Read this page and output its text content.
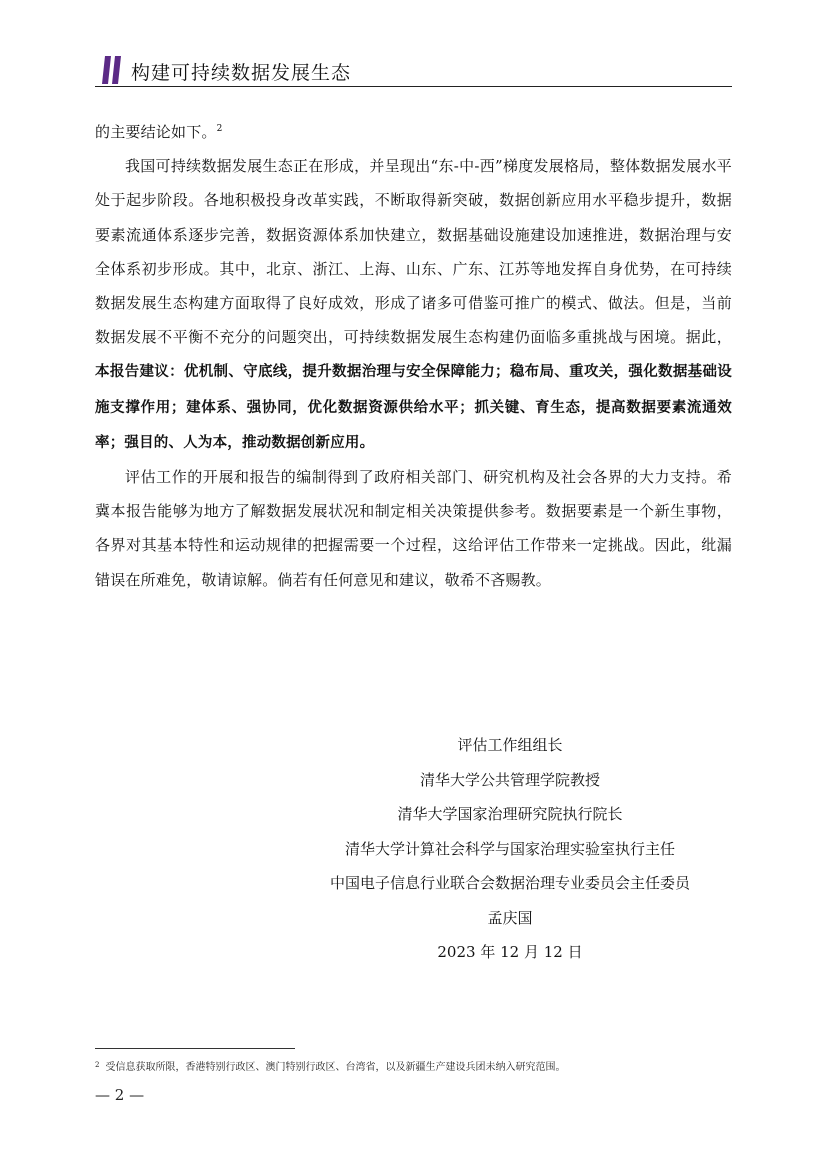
构建可持续数据发展生态

的主要结论如下。$^2$

我国可持续数据发展生态正在形成，并呈现出“东-中-西”梯度发展格局，整体数据发展水平处于起步阶段。各地积极投身改革实践，不断取得新突破，数据创新应用水平稳步提升，数据要素流通体系逐步完善，数据资源体系加快建立，数据基础设施建设加速推进，数据治理与安全体系初步形成。其中，北京、浙江、上海、山东、广东、江苏等地发挥自身优势，在可持续数据发展生态构建方面取得了良好成效，形成了诸多可借鉴可推广的模式、做法。但是，当前数据发展不平衡不充分的问题突出，可持续数据发展生态构建仍面临多重挑战与困境。据此，本报告建议：优机制、守底线，提升数据治理与安全保障能力；稳布局、重攻关，强化数据基础设施支撑作用；建体系、强协同，优化数据资源供给水平；抓关键、育生态，提高数据要素流通效率；强目的、人为本，推动数据创新应用。

评估工作的开展和报告的编制得到了政府相关部门、研究机构及社会各界的大力支持。希冀本报告能够为地方了解数据发展状况和制定相关决策提供参考。数据要素是一个新生事物，各界对其基本特性和运动规律的把握需要一个过程，这给评估工作带来一定挑战。因此，纰漏错误在所难免，敬请谅解。倘若有任何意见和建议，敬希不吝赐教。

评估工作组组长
清华大学公共管理学院教授
清华大学国家治理研究院执行院长
清华大学计算社会科学与国家治理实验室执行主任
中国电子信息行业联合会数据治理专业委员会主任委员
孟庆国
2023 年 12 月 12 日
$^2$ 受信息获取所限，香港特别行政区、澳门特别行政区、台湾省，以及新疆生产建设兵团未纳入研究范围。
— 2 —
